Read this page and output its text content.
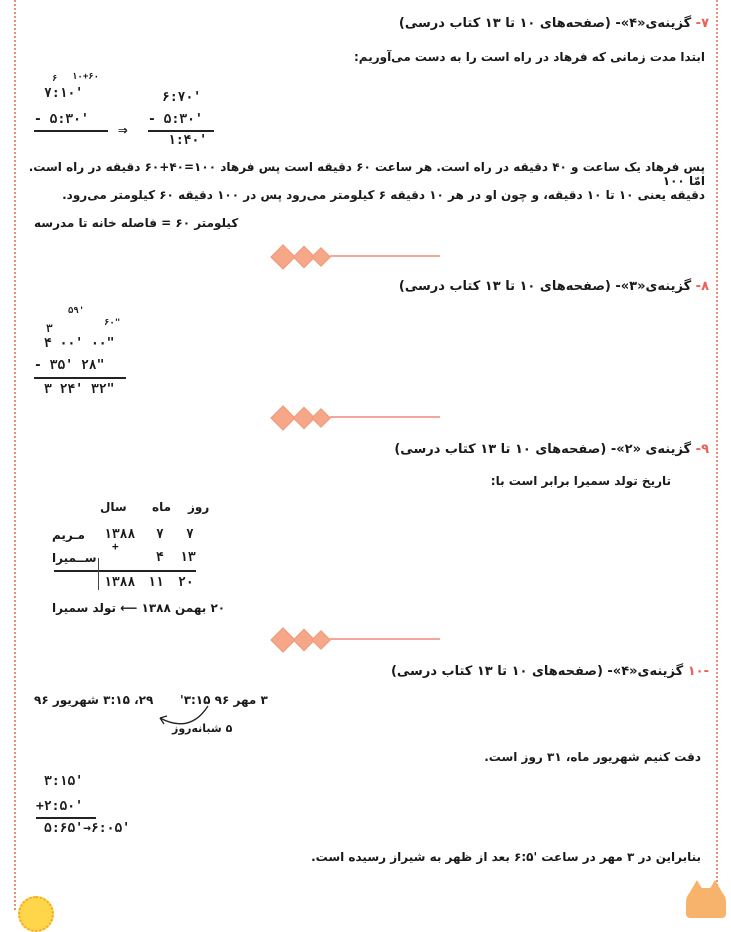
۷- گزینه‌ی«۴»- (صفحه‌های ۱۰ تا ۱۳ کتاب درسی)
ابتدا مدت زمانی که فرهاد در راه است را به دست می‌آوریم:
۶ ۱۰+۶۰
۷:۱۰'
- ۵:۳۰'
⇒
۶:۷۰'
- ۵:۳۰'
۱:۴۰'
پس فرهاد یک ساعت و ۴۰ دقیقه در راه است. هر ساعت ۶۰ دقیقه است پس فرهاد ۱۰۰=۴۰+۶۰ دقیقه در راه است. امّا ۱۰۰
دقیقه یعنی ۱۰ تا ۱۰ دقیقه، و چون او در هر ۱۰ دقیقه ۶ کیلومتر می‌رود پس در ۱۰۰ دقیقه ۶۰ کیلومتر می‌رود.
کیلومتر ۶۰ = فاصله خانه تا مدرسه
۸- گزینه‌ی«۳»- (صفحه‌های ۱۰ تا ۱۳ کتاب درسی)
۵۹'
۳	۶۰"
۴ ۰۰' ۰۰"
- ۳۵' ۲۸"
۳ ۲۴' ۳۲"
۹- گزینه‌ی «۲»- (صفحه‌های ۱۰ تا ۱۳ کتاب درسی)
تاریخ تولد سمیرا برابر است با:
روز
ماه
سال
مـریم ۱۳۸۸ ۷ ۷
+
ســمیرا	۴ ۱۳
۱۳۸۸ ۱۱ ۲۰
۲۰ بهمن ۱۳۸۸ ⟵ تولد سمیرا
-۱۰ گزینه‌ی«۴»- (صفحه‌های ۱۰ تا ۱۳ کتاب درسی)
۲۹، ۳:۱۵ شهریور ۹۶ ۳ مهر ۹۶ ۳:۱۵'
۵ شبانه‌روز
دقت کنیم شهریور ماه، ۳۱ روز است.
۳:۱۵'
+۲:۵۰'
۵:۶۵'→۶:۰۵'
بنابراین در ۳ مهر در ساعت '۶:۵ بعد از ظهر به شیراز رسیده است.
